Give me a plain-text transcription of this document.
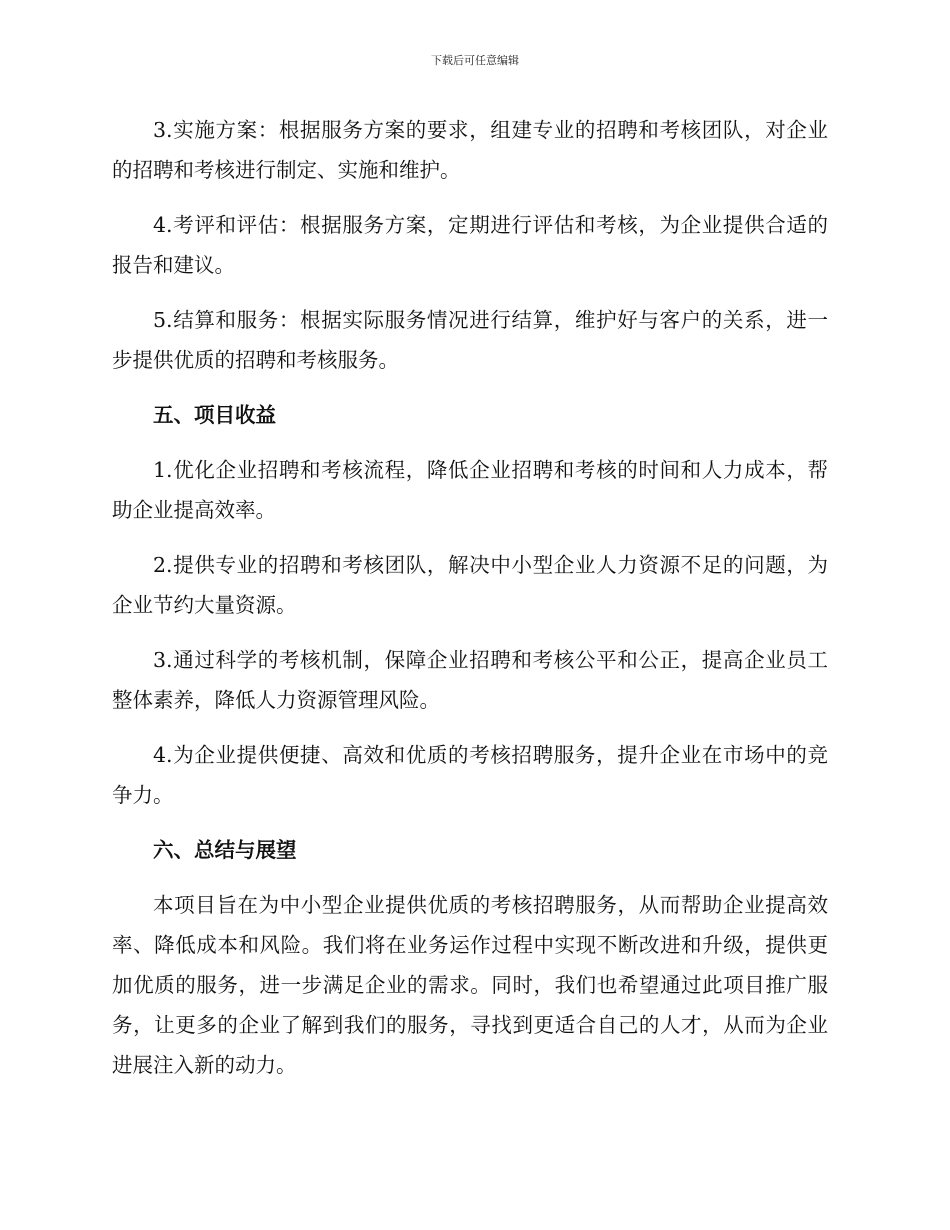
下载后可任意编辑

3.实施方案：根据服务方案的要求，组建专业的招聘和考核团队，对企业的招聘和考核进行制定、实施和维护。

4.考评和评估：根据服务方案，定期进行评估和考核，为企业提供合适的报告和建议。

5.结算和服务：根据实际服务情况进行结算，维护好与客户的关系，进一步提供优质的招聘和考核服务。

五、项目收益

1.优化企业招聘和考核流程，降低企业招聘和考核的时间和人力成本，帮助企业提高效率。

2.提供专业的招聘和考核团队，解决中小型企业人力资源不足的问题，为企业节约大量资源。

3.通过科学的考核机制，保障企业招聘和考核公平和公正，提高企业员工整体素养，降低人力资源管理风险。

4.为企业提供便捷、高效和优质的考核招聘服务，提升企业在市场中的竞争力。

六、总结与展望

本项目旨在为中小型企业提供优质的考核招聘服务，从而帮助企业提高效率、降低成本和风险。我们将在业务运作过程中实现不断改进和升级，提供更加优质的服务，进一步满足企业的需求。同时，我们也希望通过此项目推广服务，让更多的企业了解到我们的服务，寻找到更适合自己的人才，从而为企业进展注入新的动力。
